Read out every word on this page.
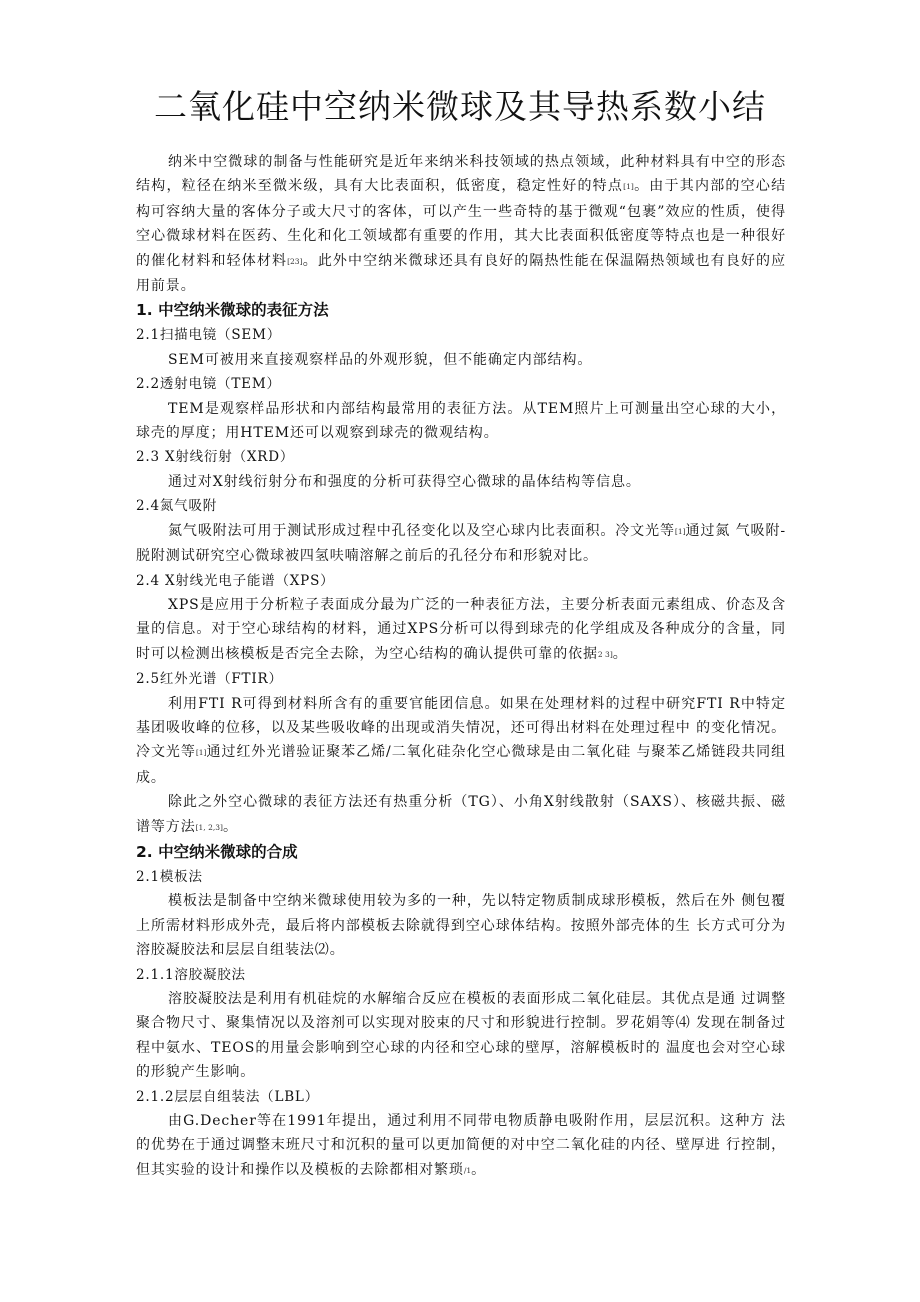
二氧化硅中空纳米微球及其导热系数小结

纳米中空微球的制备与性能研究是近年来纳米科技领域的热点领域，此种材料具有中空的形态结构，粒径在纳米至微米级，具有大比表面积，低密度，稳定性好的特点[1]。由于其内部的空心结构可容纳大量的客体分子或大尺寸的客体，可以产生一些奇特的基于微观“包裹”效应的性质，使得空心微球材料在医药、生化和化工领域都有重要的作用，其大比表面积低密度等特点也是一种很好的催化材料和轻体材料[23]。此外中空纳米微球还具有良好的隔热性能在保温隔热领域也有良好的应用前景。

1. 中空纳米微球的表征方法
2.1扫描电镜（SEM）

SEM可被用来直接观察样品的外观形貌，但不能确定内部结构。

2.2透射电镜（TEM）

TEM是观察样品形状和内部结构最常用的表征方法。从TEM照片上可测量出空心球的大小，球壳的厚度；用HTEM还可以观察到球壳的微观结构。

2.3 X射线衍射（XRD）

通过对X射线衍射分布和强度的分析可获得空心微球的晶体结构等信息。

2.4氮气吸附

氮气吸附法可用于测试形成过程中孔径变化以及空心球内比表面积。冷文光等[1]通过氮 气吸附-脱附测试研究空心微球被四氢呋喃溶解之前后的孔径分布和形貌对比。

2.4 X射线光电子能谱（XPS）

XPS是应用于分析粒子表面成分最为广泛的一种表征方法，主要分析表面元素组成、价态及含量的信息。对于空心球结构的材料，通过XPS分析可以得到球壳的化学组成及各种成分的含量，同时可以检测出核模板是否完全去除，为空心结构的确认提供可靠的依据2 3]。

2.5红外光谱（FTIR）

利用FTI R可得到材料所含有的重要官能团信息。如果在处理材料的过程中研究FTI R中特定基团吸收峰的位移，以及某些吸收峰的出现或消失情况，还可得出材料在处理过程中 的变化情况。冷文光等[1]通过红外光谱验证聚苯乙烯/二氧化硅杂化空心微球是由二氧化硅 与聚苯乙烯链段共同组成。

除此之外空心微球的表征方法还有热重分析（TG）、小角X射线散射（SAXS）、核磁共振、磁谱等方法[1, 2,3]。

2. 中空纳米微球的合成
2.1模板法

模板法是制备中空纳米微球使用较为多的一种，先以特定物质制成球形模板，然后在外 侧包覆上所需材料形成外壳，最后将内部模板去除就得到空心球体结构。按照外部壳体的生 长方式可分为溶胶凝胶法和层层自组装法⑵。

2.1.1溶胶凝胶法

溶胶凝胶法是利用有机硅烷的水解缩合反应在模板的表面形成二氧化硅层。其优点是通 过调整聚合物尺寸、聚集情况以及溶剂可以实现对胶束的尺寸和形貌进行控制。罗花娟等⑷ 发现在制备过程中氨水、TEOS的用量会影响到空心球的内径和空心球的壁厚，溶解模板时的 温度也会对空心球的形貌产生影响。

2.1.2层层自组装法（LBL）

由G.Decher等在1991年提出，通过利用不同带电物质静电吸附作用，层层沉积。这种方 法的优势在于通过调整末班尺寸和沉积的量可以更加简便的对中空二氧化硅的内径、壁厚进 行控制，但其实验的设计和操作以及模板的去除都相对繁琐/1。
